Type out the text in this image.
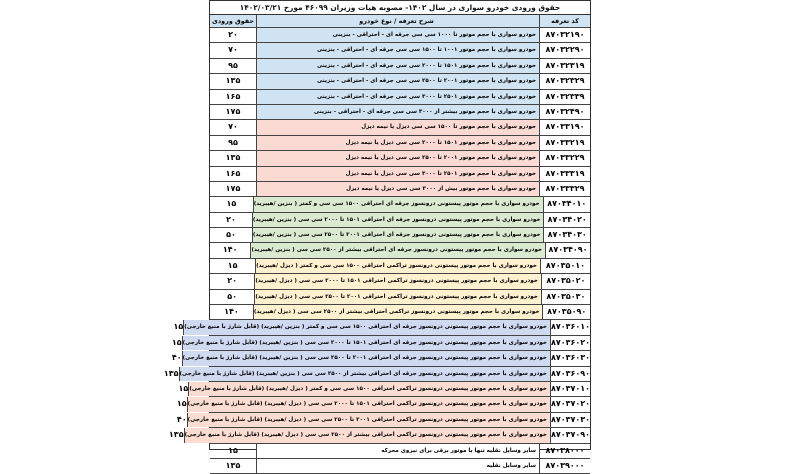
حقوق ورودی خودرو سواری در سال ۱۴۰۲- مصوبه هیات وزیران ۴۶۰۹۹ مورخ ۱۴۰۲/۰۳/۲۱
کد تعرفه
شرح تعرفه / نوع خودرو
حقوق ورودی
۸۷۰۳۲۱۹۰
خودرو سواری با حجم موتور تا ۱۰۰۰ سی سی جرقه ای - احتراقی - بنزینی
۲۰
۸۷۰۳۲۲۹۰
خودرو سواری با حجم موتور ۱۰۰۱ تا ۱۵۰۰ سی سی جرقه ای - احتراقی - بنزینی
۷۰
۸۷۰۳۲۳۱۹
خودرو سواری با حجم موتور ۱۵۰۱ تا ۲۰۰۰ سی سی جرقه ای - احتراقی - بنزینی
۹۵
۸۷۰۳۲۳۲۹
خودرو سواری با حجم موتور ۲۰۰۱ تا ۲۵۰۰ سی سی جرقه ای - احتراقی - بنزینی
۱۳۵
۸۷۰۳۲۳۳۹
خودرو سواری با حجم موتور ۲۵۰۱ تا ۳۰۰۰ سی سی جرقه ای - احتراقی - بنزینی
۱۶۵
۸۷۰۳۲۴۹۰
خودرو سواری با حجم موتور بیشتر از ۳۰۰۰ سی سی جرقه ای - احتراقی - بنزینی
۱۷۵
۸۷۰۳۳۱۹۰
خودرو سواری با حجم موتور تا ۱۵۰۰ سی سی دیزل یا نیمه دیزل
۷۰
۸۷۰۳۳۲۱۹
خودرو سواری با حجم موتور ۱۵۰۱ تا ۲۰۰۰ سی سی دیزل یا نیمه دیزل
۹۵
۸۷۰۳۳۲۲۹
خودرو سواری با حجم موتور ۲۰۰۱ تا ۲۵۰۰ سی سی دیزل یا نیمه دیزل
۱۳۵
۸۷۰۳۳۳۱۹
خودرو سواری با حجم موتور ۲۵۰۱ تا ۳۰۰۰ سی سی دیزل یا نیمه دیزل
۱۶۵
۸۷۰۳۳۳۲۹
خودرو سواری با حجم موتور بیش از ۳۰۰۰ سی سی دیزل یا نیمه دیزل
۱۷۵
۸۷۰۳۴۰۱۰
خودرو سواری با حجم موتور پیستونی درونسوز جرقه ای احتراقی ۱۵۰۰ سی سی و کمتر ( بنزین /هیبرید)
۱۵
۸۷۰۳۴۰۲۰
خودرو سواری با حجم موتور پیستونی درونسوز جرقه ای احتراقی ۱۵۰۱ تا ۲۰۰۰ سی سی ( بنزین /هیبرید)
۲۰
۸۷۰۳۴۰۳۰
خودرو سواری با حجم موتور پیستونی درونسوز جرقه ای احتراقی ۲۰۰۱ تا ۲۵۰۰ سی سی ( بنزین /هیبرید)
۵۰
۸۷۰۳۴۰۹۰
خودرو سواری با حجم موتور پیستونی درونسوز جرقه ای احتراقی بیشتر از ۲۵۰۰ سی سی ( بنزین /هیبرید)
۱۴۰
۸۷۰۳۵۰۱۰
خودرو سواری با حجم موتور پیستونی درونسوز تراکمی احتراقی ۱۵۰۰ سی سی و کمتر ( دیزل /هیبرید)
۱۵
۸۷۰۳۵۰۲۰
خودرو سواری با حجم موتور پیستونی درونسوز تراکمی احتراقی ۱۵۰۱ تا ۲۰۰۰ سی سی ( دیزل /هیبرید)
۲۰
۸۷۰۳۵۰۳۰
خودرو سواری با حجم موتور پیستونی درونسوز تراکمی احتراقی ۲۰۰۱ تا ۲۵۰۰ سی سی ( دیزل /هیبرید)
۵۰
۸۷۰۳۵۰۹۰
خودرو سواری با حجم موتور پیستونی درونسوز تراکمی احتراقی بیشتر از ۲۵۰۰ سی سی ( دیزل /هیبرید)
۱۴۰
۸۷۰۳۶۰۱۰
خودرو سواری با حجم موتور پیستونی درونسوز جرقه ای احتراقی ۱۵۰۰ سی سی و کمتر ( بنزین /هیبرید) (قابل شارژ با منبع خارجی)
۱۵
۸۷۰۳۶۰۲۰
خودرو سواری با حجم موتور پیستونی درونسوز جرقه ای احتراقی ۱۵۰۱ تا ۲۰۰۰ سی سی ( بنزین /هیبرید) (قابل شارژ با منبع خارجی)
۱۵
۸۷۰۳۶۰۳۰
خودرو سواری با حجم موتور پیستونی درونسوز جرقه ای احتراقی ۲۰۰۱ تا ۲۵۰۰ سی سی ( بنزین /هیبرید) (قابل شارژ با منبع خارجی)
۴۰
۸۷۰۳۶۰۹۰
خودرو سواری با حجم موتور پیستونی درونسوز جرقه ای احتراقی بیشتر از ۲۵۰۰ سی سی ( بنزین /هیبرید) (قابل شارژ با منبع خارجی)
۱۳۵
۸۷۰۳۷۰۱۰
خودرو سواری با حجم موتور پیستونی درونسوز تراکمی احتراقی ۱۵۰۰ سی سی و کمتر ( دیزل /هیبرید) (قابل شارژ با منبع خارجی)
۱۵
۸۷۰۳۷۰۲۰
خودرو سواری با حجم موتور پیستونی درونسوز تراکمی احتراقی ۱۵۰۱ تا ۲۰۰۰ سی سی ( دیزل /هیبرید) (قابل شارژ با منبع خارجی)
۱۵
۸۷۰۳۷۰۳۰
خودرو سواری با حجم موتور پیستونی درونسوز تراکمی احتراقی ۲۰۰۱ تا ۲۵۰۰ سی سی ( دیزل /هیبرید) (قابل شارژ با منبع خارجی)
۴۰
۸۷۰۳۷۰۹۰
خودرو سواری با حجم موتور پیستونی درونسوز تراکمی احتراقی بیشتر از ۲۵۰۰ سی سی ( دیزل /هیبرید) (قابل شارژ با منبع خارجی)
۱۳۵
۸۷۰۳۸۰۰۰
سایر وسایل نقلیه تنها با موتور برقی برای نیروی محرکه
۱۵
۸۷۰۳۹۰۰۰
سایر وسایل نقلیه
۱۳۵
